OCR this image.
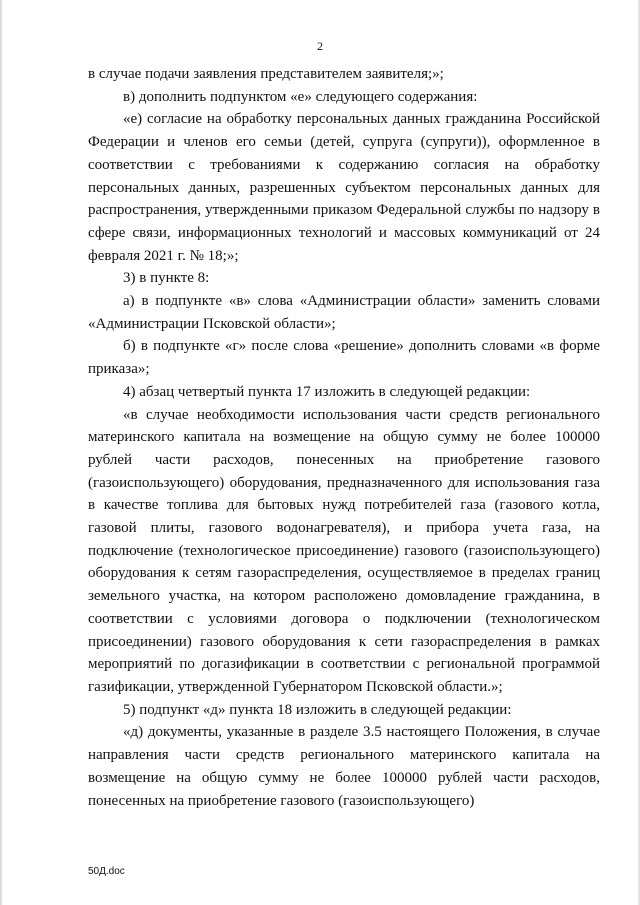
2

в случае подачи заявления представителем заявителя;»;

в) дополнить подпунктом «е» следующего содержания:

«е) согласие на обработку персональных данных гражданина Российской Федерации и членов его семьи (детей, супруга (супруги)), оформленное в соответствии с требованиями к содержанию согласия на обработку персональных данных, разрешенных субъектом персональных данных для распространения, утвержденными приказом Федеральной службы по надзору в сфере связи, информационных технологий и массовых коммуникаций от 24 февраля 2021 г. № 18;»;

3) в пункте 8:

а) в подпункте «в» слова «Администрации области» заменить словами «Администрации Псковской области»;

б) в подпункте «г» после слова «решение» дополнить словами «в форме приказа»;

4) абзац четвертый пункта 17 изложить в следующей редакции:

«в случае необходимости использования части средств регионального материнского капитала на возмещение на общую сумму не более 100000 рублей части расходов, понесенных на приобретение газового (газоиспользующего) оборудования, предназначенного для использования газа в качестве топлива для бытовых нужд потребителей газа (газового котла, газовой плиты, газового водонагревателя), и прибора учета газа, на подключение (технологическое присоединение) газового (газоиспользующего) оборудования к сетям газораспределения, осуществляемое в пределах границ земельного участка, на котором расположено домовладение гражданина, в соответствии с условиями договора о подключении (технологическом присоединении) газового оборудования к сети газораспределения в рамках мероприятий по догазификации в соответствии с региональной программой газификации, утвержденной Губернатором Псковской области.»;

5) подпункт «д» пункта 18 изложить в следующей редакции:

«д) документы, указанные в разделе 3.5 настоящего Положения, в случае направления части средств регионального материнского капитала на возмещение на общую сумму не более 100000 рублей части расходов, понесенных на приобретение газового (газоиспользующего)

50Д.doc
